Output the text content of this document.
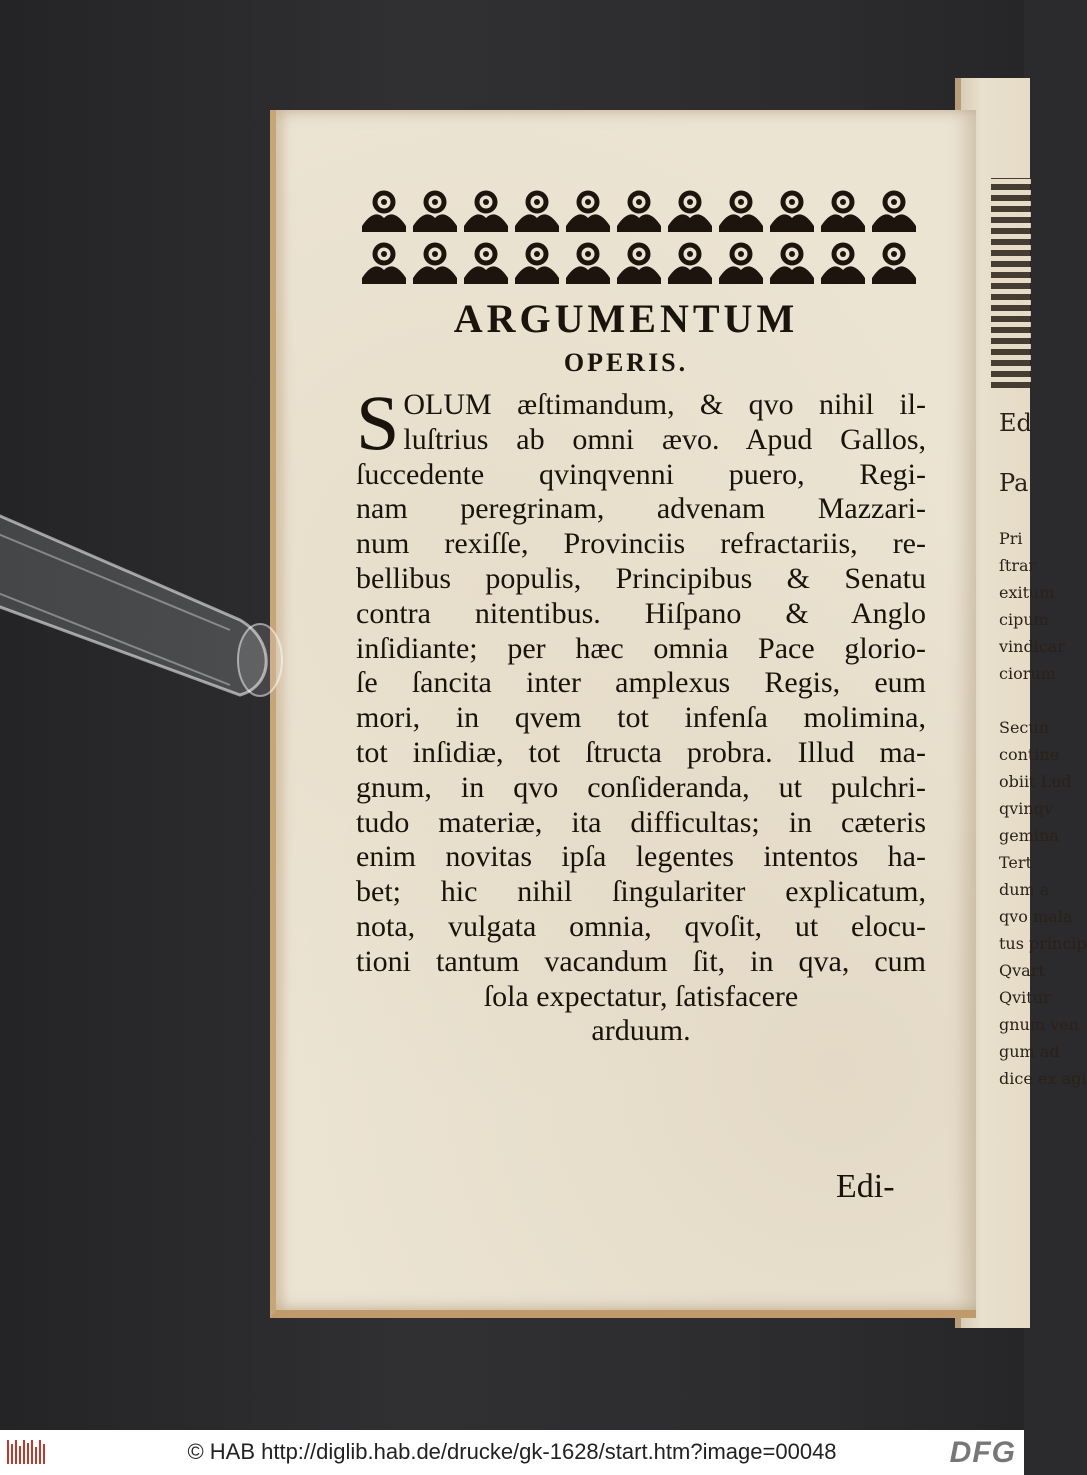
Ed

Pa

Pri
ſtrar
exitum
cipum
vindicar
ciorum

Secun
contine
obiit Lud
qvinqv
gemina
Tert
dum a
qvo mala
tus princip
Qvart
Qvitur
gnum ven
gum ad
dice ex agi
ARGUMENTUM
OPERIS.
S OLUM æſtimandum, & qvo nihil il-
luſtrius ab omni ævo. Apud Gallos,
ſuccedente qvinqvenni puero, Regi-
nam peregrinam, advenam Mazzari-
num rexiſſe, Provinciis refractariis, re-
bellibus populis, Principibus & Senatu
contra nitentibus. Hiſpano & Anglo
inſidiante; per hæc omnia Pace glorio-
ſe ſancita inter amplexus Regis, eum
mori, in qvem tot infenſa molimina,
tot inſidiæ, tot ſtructa probra. Illud ma-
gnum, in qvo conſideranda, ut pulchri-
tudo materiæ, ita difficultas; in cæteris
enim novitas ipſa legentes intentos ha-
bet; hic nihil ſingulariter explicatum,
nota, vulgata omnia, qvoſit, ut elocu-
tioni tantum vacandum ſit, in qva, cum
ſola expectatur, ſatisfacere
arduum.
Edi-
© HAB http://diglib.hab.de/drucke/gk-1628/start.htm?image=00048	DFG
